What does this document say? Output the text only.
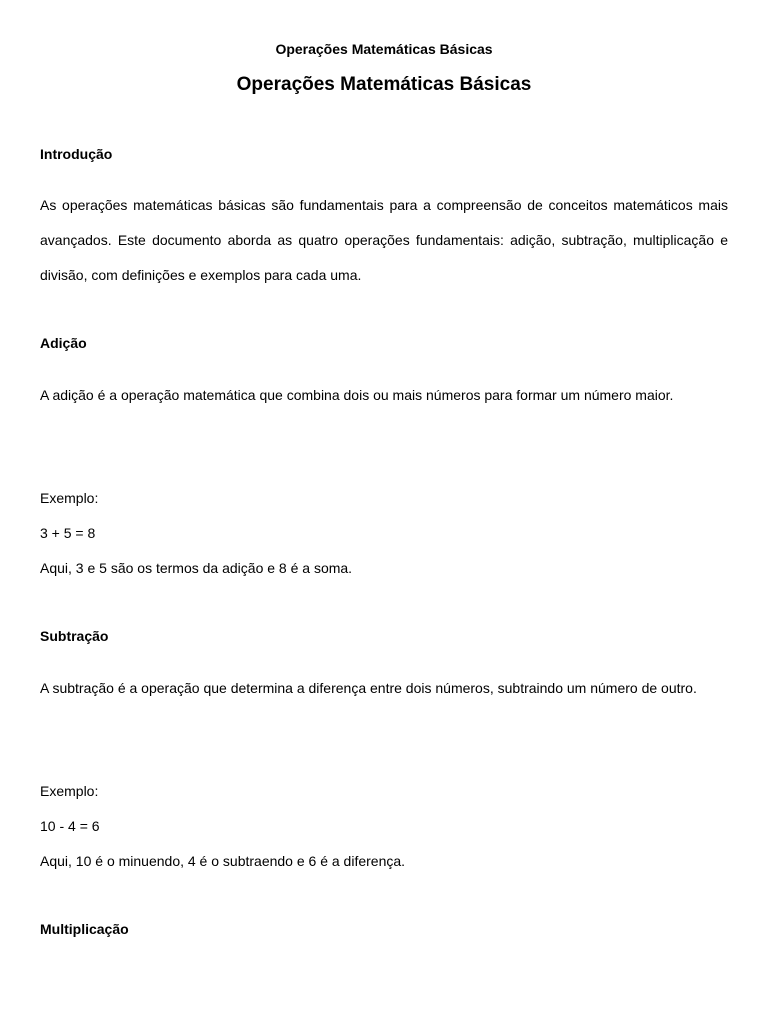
Operações Matemáticas Básicas
Operações Matemáticas Básicas
Introdução

As operações matemáticas básicas são fundamentais para a compreensão de conceitos matemáticos mais avançados. Este documento aborda as quatro operações fundamentais: adição, subtração, multiplicação e divisão, com definições e exemplos para cada uma.

Adição

A adição é a operação matemática que combina dois ou mais números para formar um número maior.

Exemplo:
3 + 5 = 8
Aqui, 3 e 5 são os termos da adição e 8 é a soma.
Subtração

A subtração é a operação que determina a diferença entre dois números, subtraindo um número de outro.

Exemplo:
10 - 4 = 6
Aqui, 10 é o minuendo, 4 é o subtraendo e 6 é a diferença.
Multiplicação
